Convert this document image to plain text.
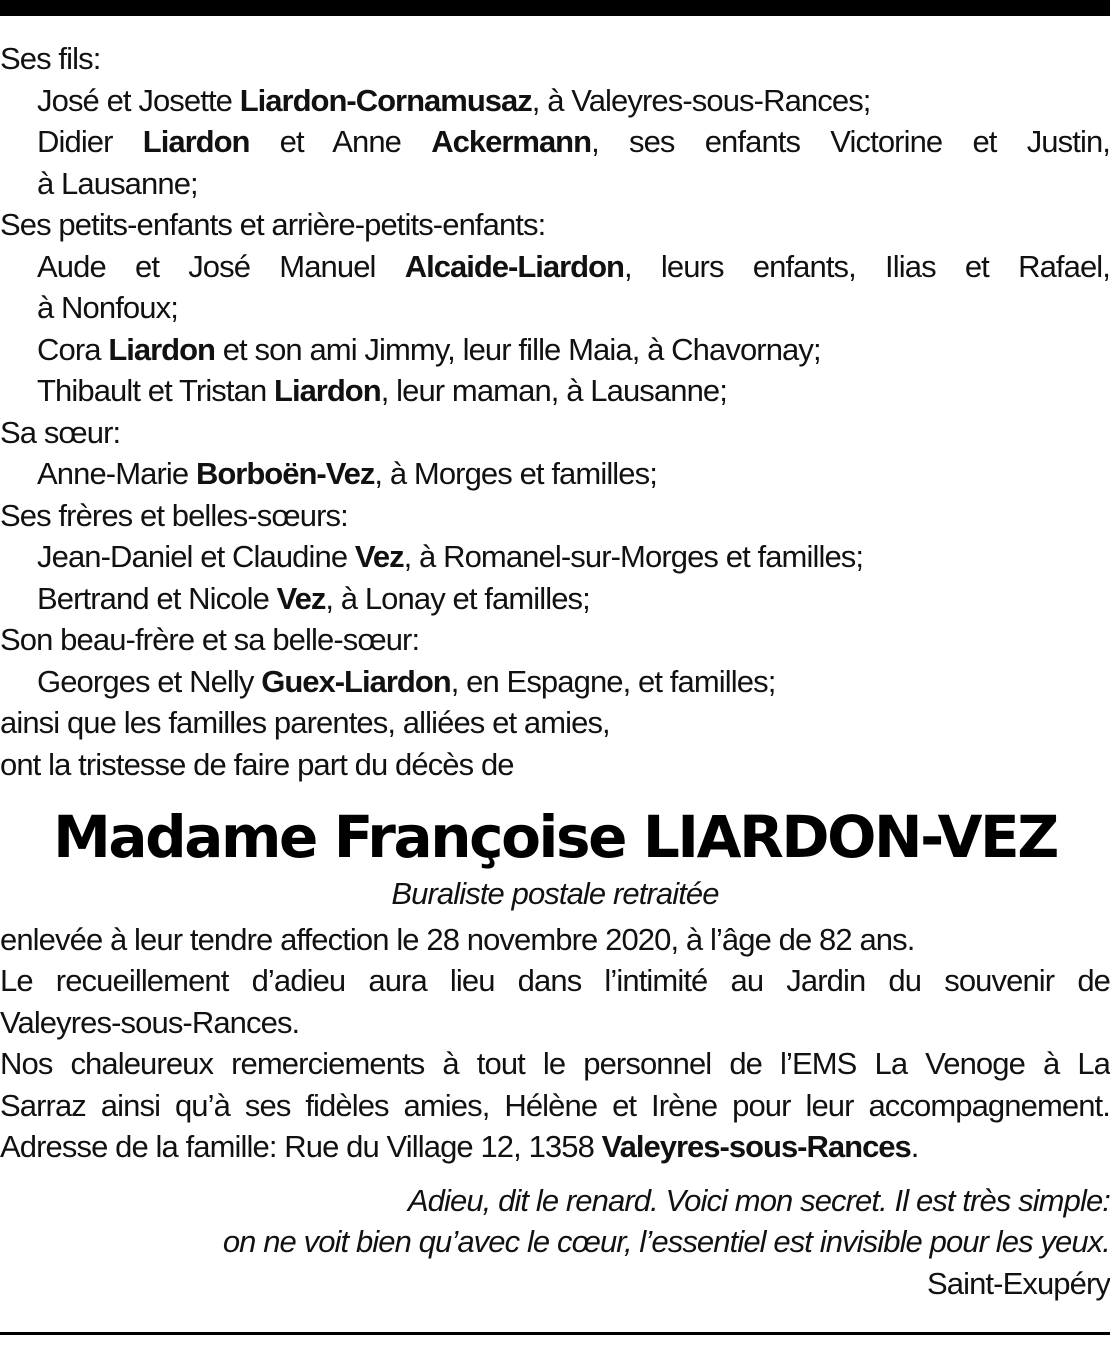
Ses fils:
José et Josette Liardon-Cornamusaz, à Valeyres-sous-Rances;
Didier Liardon et Anne Ackermann, ses enfants Victorine et Justin,
à Lausanne;
Ses petits-enfants et arrière-petits-enfants:
Aude et José Manuel Alcaide-Liardon, leurs enfants, Ilias et Rafael,
à Nonfoux;
Cora Liardon et son ami Jimmy, leur fille Maia, à Chavornay;
Thibault et Tristan Liardon, leur maman, à Lausanne;
Sa sœur:
Anne-Marie Borboën-Vez, à Morges et familles;
Ses frères et belles-sœurs:
Jean-Daniel et Claudine Vez, à Romanel-sur-Morges et familles;
Bertrand et Nicole Vez, à Lonay et familles;
Son beau-frère et sa belle-sœur:
Georges et Nelly Guex-Liardon, en Espagne, et familles;
ainsi que les familles parentes, alliées et amies,
ont la tristesse de faire part du décès de
Madame Françoise LIARDON-VEZ
Buraliste postale retraitée
enlevée à leur tendre affection le 28 novembre 2020, à l’âge de 82 ans.
Le recueillement d’adieu aura lieu dans l’intimité au Jardin du souvenir de
Valeyres-sous-Rances.
Nos chaleureux remerciements à tout le personnel de l’EMS La Venoge à La
Sarraz ainsi qu’à ses fidèles amies, Hélène et Irène pour leur accompagnement.
Adresse de la famille: Rue du Village 12, 1358 Valeyres-sous-Rances.
Adieu, dit le renard. Voici mon secret. Il est très simple:
on ne voit bien qu’avec le cœur, l’essentiel est invisible pour les yeux.
Saint-Exupéry
